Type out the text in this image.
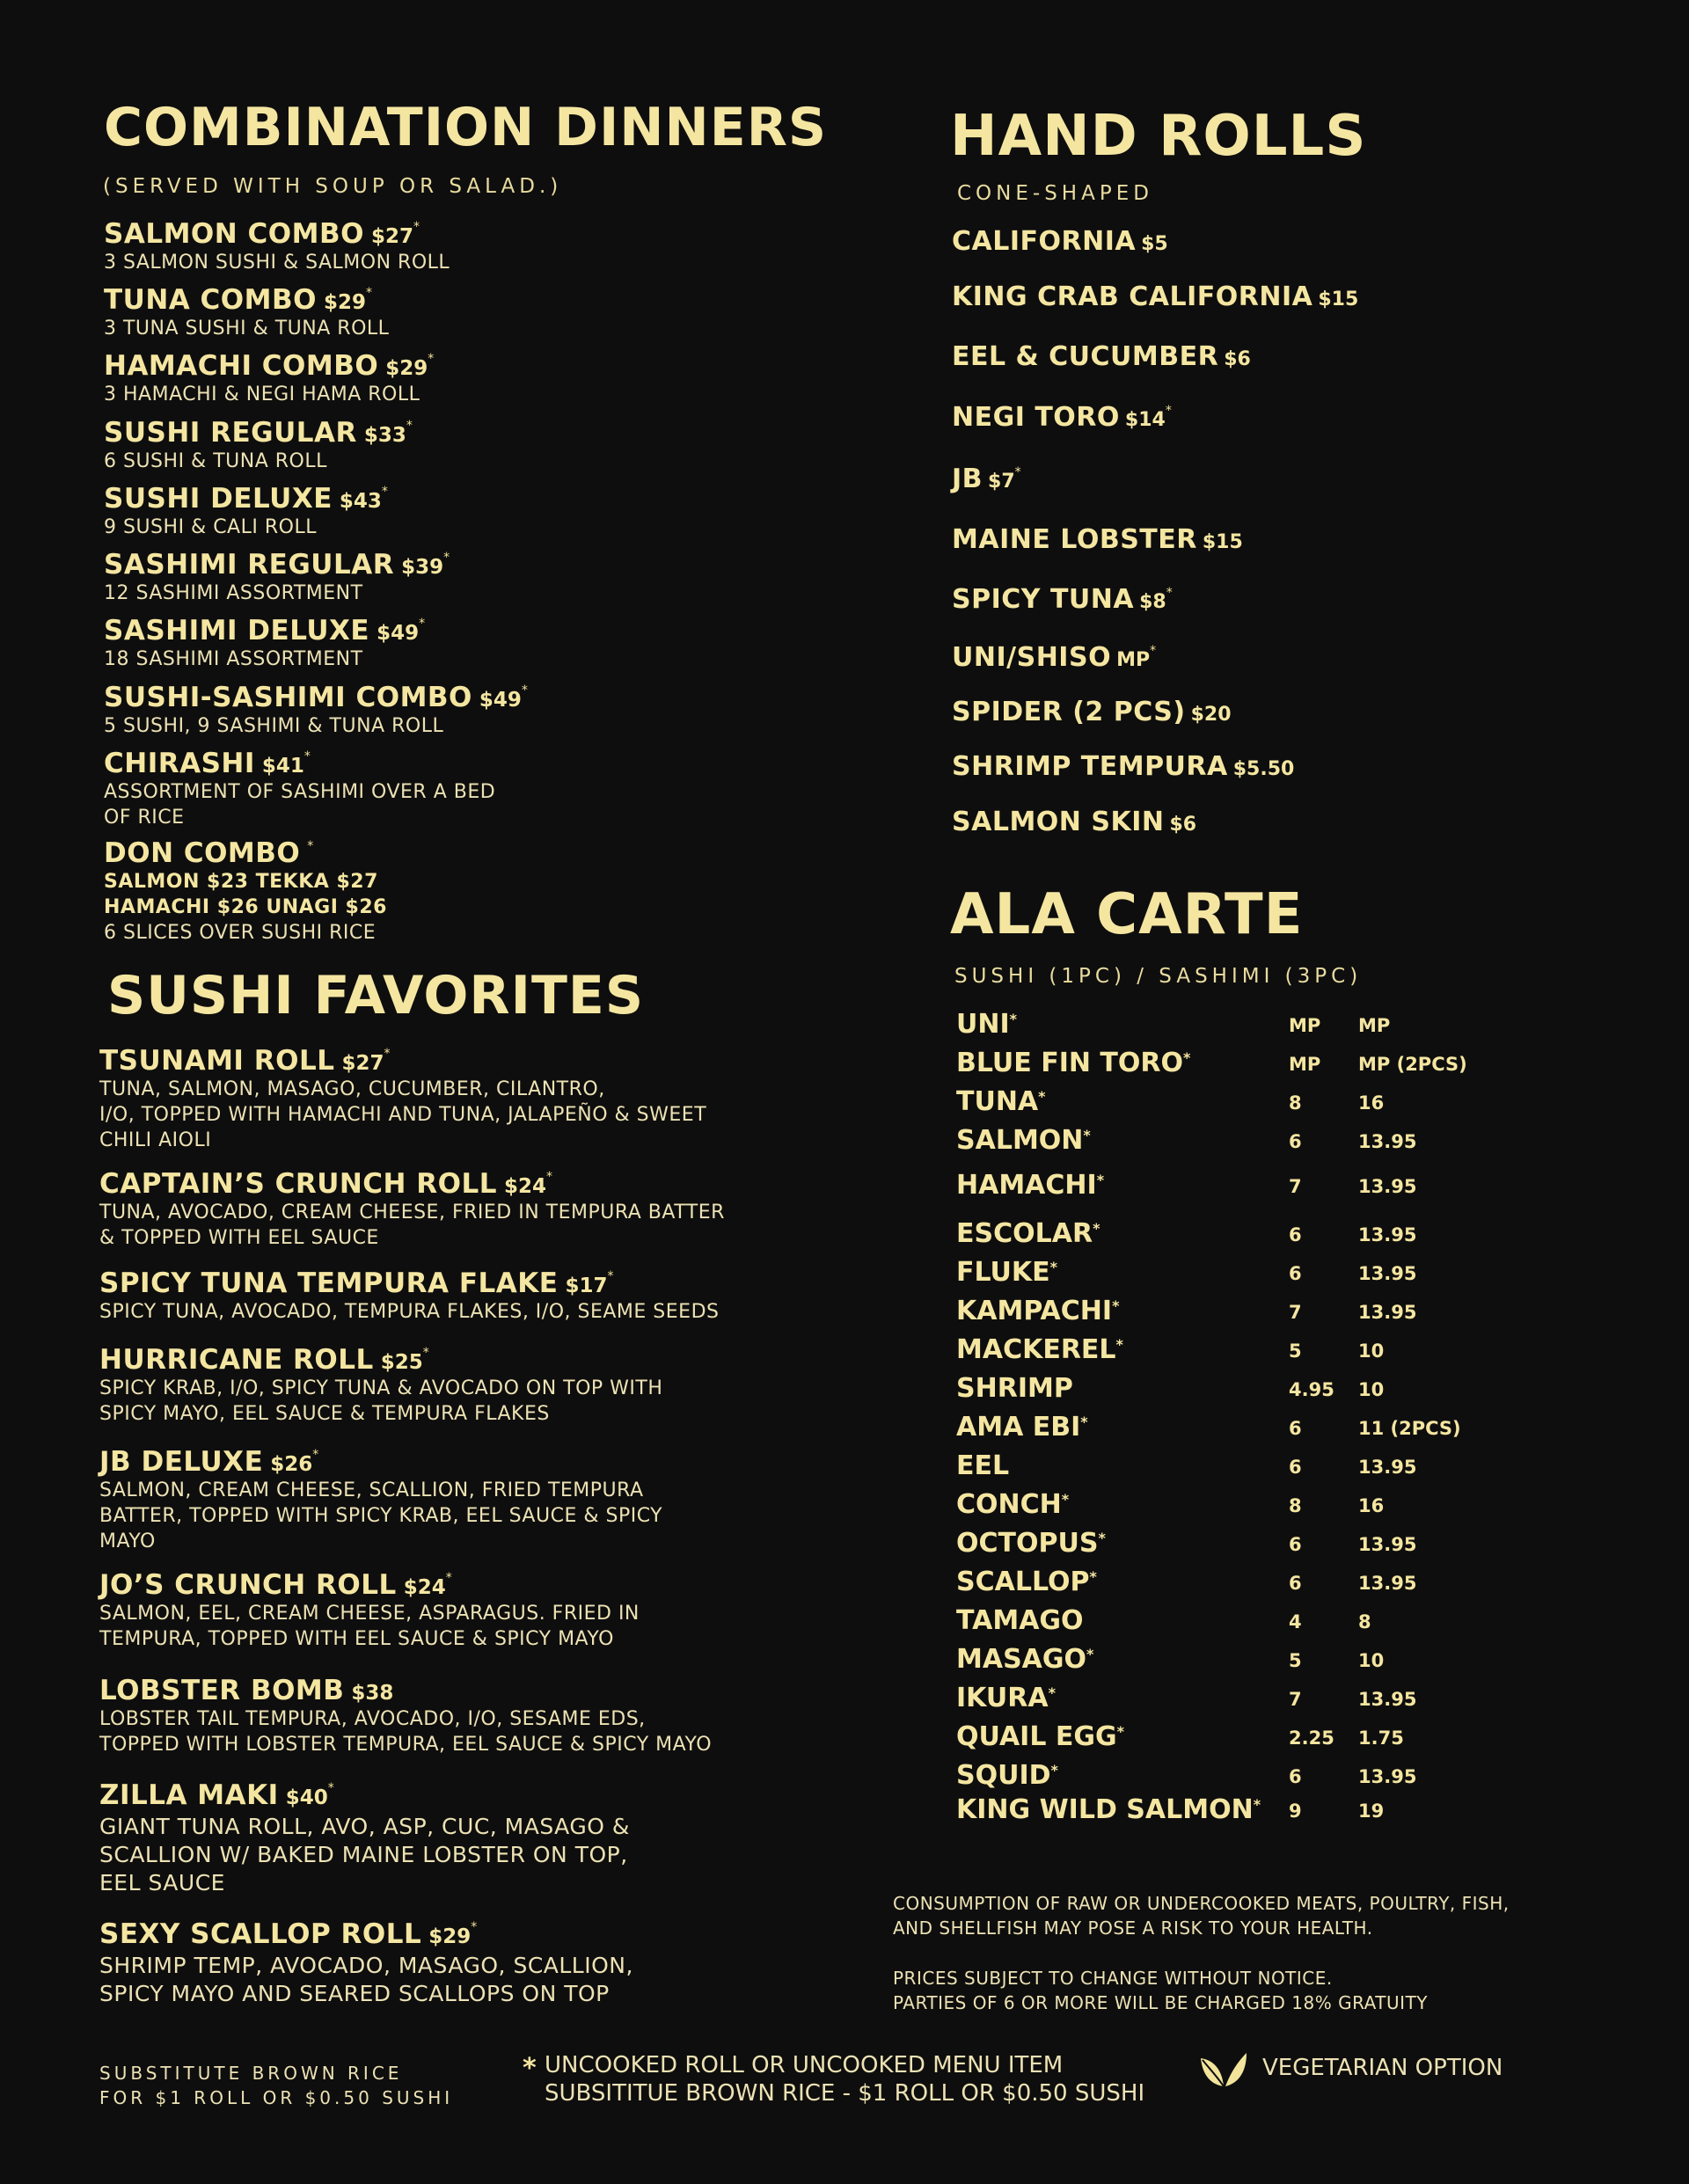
COMBINATION DINNERS
(SERVED WITH SOUP OR SALAD.)
SALMON COMBO $27*
3 SALMON SUSHI & SALMON ROLL
TUNA COMBO $29*
3 TUNA SUSHI & TUNA ROLL
HAMACHI COMBO $29*
3 HAMACHI & NEGI HAMA ROLL
SUSHI REGULAR $33*
6 SUSHI & TUNA ROLL
SUSHI DELUXE $43*
9 SUSHI & CALI ROLL
SASHIMI REGULAR $39*
12 SASHIMI ASSORTMENT
SASHIMI DELUXE $49*
18 SASHIMI ASSORTMENT
SUSHI-SASHIMI COMBO $49*
5 SUSHI, 9 SASHIMI & TUNA ROLL
CHIRASHI $41*
ASSORTMENT OF SASHIMI OVER A BED
OF RICE
DON COMBO *
SALMON $23 TEKKA $27
HAMACHI $26 UNAGI $26
6 SLICES OVER SUSHI RICE
SUSHI FAVORITES
TSUNAMI ROLL $27*
TUNA, SALMON, MASAGO, CUCUMBER, CILANTRO,
I/O, TOPPED WITH HAMACHI AND TUNA, JALAPEÑO & SWEET
CHILI AIOLI
CAPTAIN’S CRUNCH ROLL $24*
TUNA, AVOCADO, CREAM CHEESE, FRIED IN TEMPURA BATTER
& TOPPED WITH EEL SAUCE
SPICY TUNA TEMPURA FLAKE $17*
SPICY TUNA, AVOCADO, TEMPURA FLAKES, I/O, SEAME SEEDS
HURRICANE ROLL $25*
SPICY KRAB, I/O, SPICY TUNA & AVOCADO ON TOP WITH
SPICY MAYO, EEL SAUCE & TEMPURA FLAKES
JB DELUXE $26*
SALMON, CREAM CHEESE, SCALLION, FRIED TEMPURA
BATTER, TOPPED WITH SPICY KRAB, EEL SAUCE & SPICY
MAYO
JO’S CRUNCH ROLL $24*
SALMON, EEL, CREAM CHEESE, ASPARAGUS. FRIED IN
TEMPURA, TOPPED WITH EEL SAUCE & SPICY MAYO
LOBSTER BOMB $38
LOBSTER TAIL TEMPURA, AVOCADO, I/O, SESAME EDS,
TOPPED WITH LOBSTER TEMPURA, EEL SAUCE & SPICY MAYO
ZILLA MAKI $40*
GIANT TUNA ROLL, AVO, ASP, CUC, MASAGO &
SCALLION W/ BAKED MAINE LOBSTER ON TOP,
EEL SAUCE
SEXY SCALLOP ROLL $29*
SHRIMP TEMP, AVOCADO, MASAGO, SCALLION,
SPICY MAYO AND SEARED SCALLOPS ON TOP
HAND ROLLS
CONE-SHAPED
CALIFORNIA $5
KING CRAB CALIFORNIA $15
EEL & CUCUMBER $6
NEGI TORO $14*
JB $7*
MAINE LOBSTER $15
SPICY TUNA $8*
UNI/SHISO MP*
SPIDER (2 PCS) $20
SHRIMP TEMPURA $5.50
SALMON SKIN $6
ALA CARTE
SUSHI (1PC) / SASHIMI (3PC)
UNI*	MP MP
BLUE FIN TORO*	MP MP (2PCS)
TUNA*	8	16
SALMON*	6	13.95
HAMACHI*	7	13.95
ESCOLAR*	6	13.95
FLUKE*	6	13.95
KAMPACHI*	7	13.95
MACKEREL*	5	10
SHRIMP	4.95 10
AMA EBI*	6	11 (2PCS)
EEL	6	13.95
CONCH*	8	16
OCTOPUS*	6	13.95
SCALLOP*	6	13.95
TAMAGO	4	8
MASAGO*	5	10
IKURA*	7	13.95
QUAIL EGG*	2.25 1.75
SQUID*	6	13.95
KING WILD SALMON* 9	19
CONSUMPTION OF RAW OR UNDERCOOKED MEATS, POULTRY, FISH,
AND SHELLFISH MAY POSE A RISK TO YOUR HEALTH.
PRICES SUBJECT TO CHANGE WITHOUT NOTICE.
PARTIES OF 6 OR MORE WILL BE CHARGED 18% GRATUITY
SUBSTITUTE BROWN RICE
FOR $1 ROLL OR $0.50 SUSHI
* UNCOOKED ROLL OR UNCOOKED MENU ITEM
SUBSITITUE BROWN RICE - $1 ROLL OR $0.50 SUSHI
VEGETARIAN OPTION
